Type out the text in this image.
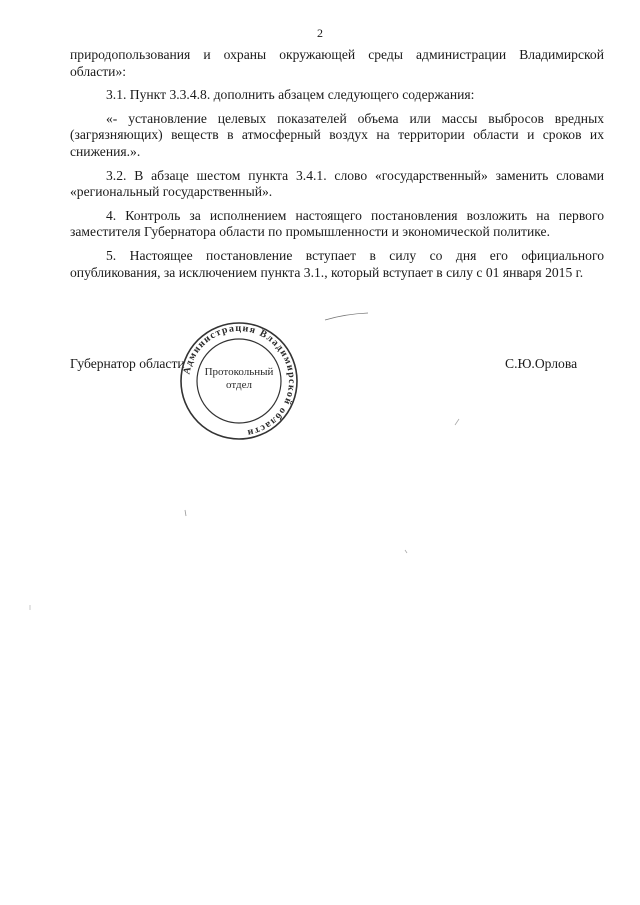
2

природопользования и охраны окружающей среды администрации Владимирской области»:

3.1. Пункт 3.3.4.8. дополнить абзацем следующего содержания:

«- установление целевых показателей объема или массы выбросов вредных (загрязняющих) веществ в атмосферный воздух на территории области и сроков их снижения.».

3.2. В абзаце шестом пункта 3.4.1. слово «государственный» заменить словами «региональный государственный».

4. Контроль за исполнением настоящего постановления возложить на первого заместителя Губернатора области по промышленности и экономической политике.

5. Настоящее постановление вступает в силу со дня его официального опубликования, за исключением пункта 3.1., который вступает в силу с 01 января 2015 г.

Губернатор области	С.Ю.Орлова
Администрация Владимирской области
Протокольный
отдел
